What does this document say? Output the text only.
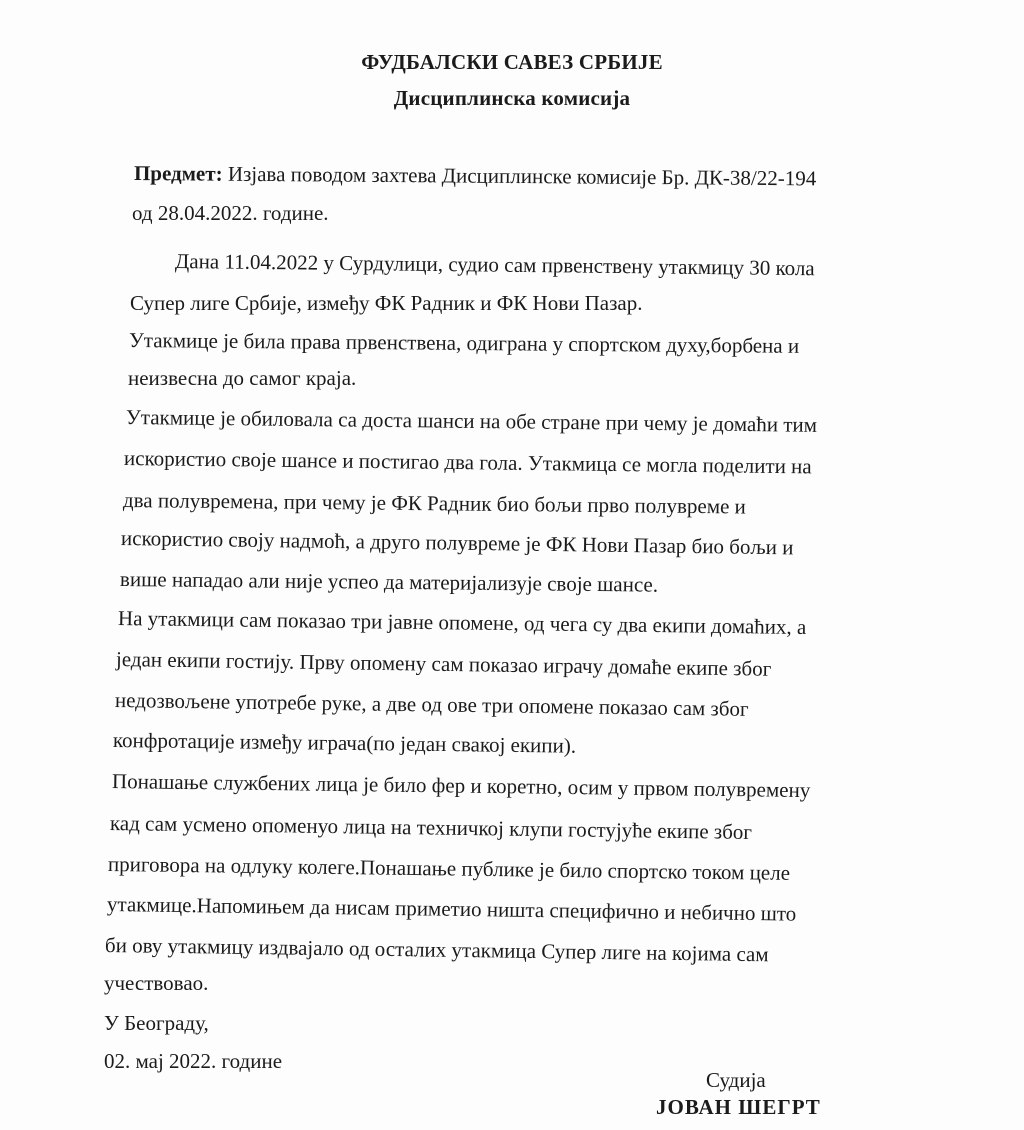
ФУДБАЛСКИ САВЕЗ СРБИЈЕ
Дисциплинска комисија
Предмет: Изјава поводом захтева Дисциплинске комисије Бр. ДК-38/22-194
од 28.04.2022. године.
Дана 11.04.2022 у Сурдулици, судио сам првенствену утакмицу 30 кола
Супер лиге Србије, између ФК Радник и ФК Нови Пазар.
Утакмице је била права првенствена, одиграна у спортском духу,борбена и
неизвесна до самог краја.
Утакмице је обиловала са доста шанси на обе стране при чему је домаћи тим
искористио своје шансе и постигао два гола. Утакмица се могла поделити на
два полувремена, при чему је ФК Радник био бољи прво полувреме и
искористио своју надмоћ, а друго полувреме је ФК Нови Пазар био бољи и
више нападао али није успео да материјализује своје шансе.
На утакмици сам показао три јавне опомене, од чега су два екипи домаћих, а
један екипи гостију. Прву опомену сам показао играчу домаће екипе због
недозвољене употребе руке, а две од ове три опомене показао сам због
конфротације између играча(по један свакој екипи).
Понашање службених лица је било фер и коретно, осим у првом полувремену
кад сам усмено опоменуо лица на техничкој клупи гостујуће екипе због
приговора на одлуку колеге.Понашање публике је било спортско током целе
утакмице.Напомињем да нисам приметио ништа специфично и небично што
би ову утакмицу издвајало од осталих утакмица Супер лиге на којима сам
учествовао.
У Београду,
02. мај 2022. године
Судија
ЈОВАН ШЕГРТ
